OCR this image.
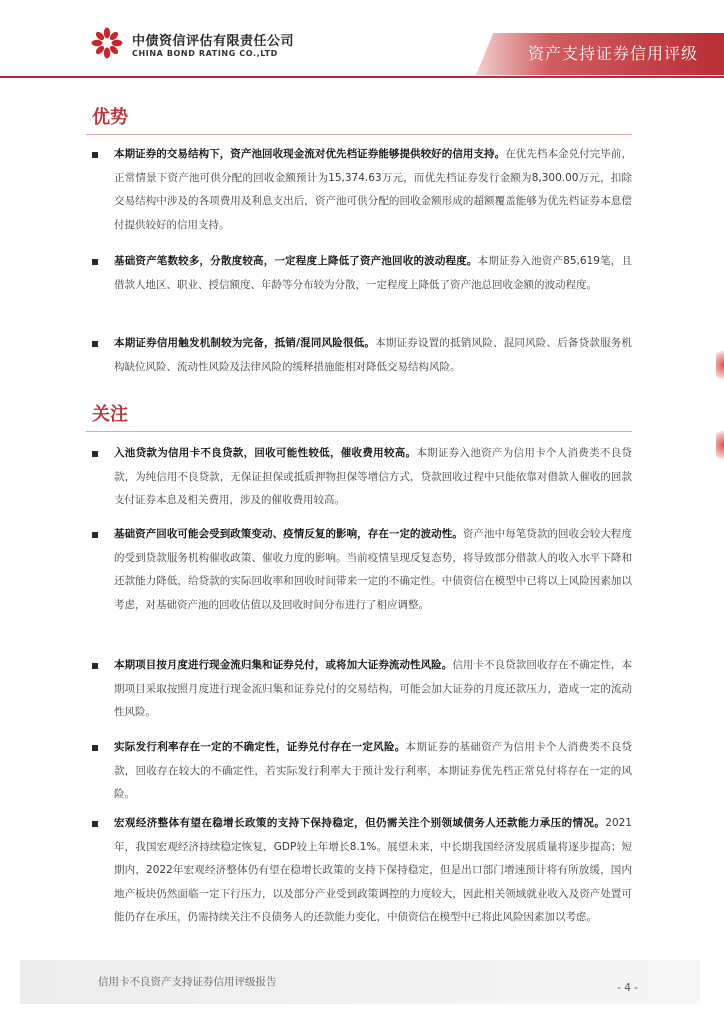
中债资信评估有限责任公司
CHINA BOND RATING CO.,LTD	资产支持证券信用评级
优势
本期证券的交易结构下，资产池回收现金流对优先档证券能够提供较好的信用支持。在优先档本金兑付完毕前，正常情景下资产池可供分配的回收金额预计为15,374.63万元，而优先档证券发行金额为8,300.00万元，扣除交易结构中涉及的各项费用及利息支出后，资产池可供分配的回收金额形成的超额覆盖能够为优先档证券本息偿付提供较好的信用支持。
基础资产笔数较多，分散度较高，一定程度上降低了资产池回收的波动程度。本期证券入池资产85,619笔，且借款人地区、职业、授信额度、年龄等分布较为分散，一定程度上降低了资产池总回收金额的波动程度。
本期证券信用触发机制较为完备，抵销/混同风险很低。本期证券设置的抵销风险、混同风险、后备贷款服务机构缺位风险、流动性风险及法律风险的缓释措施能相对降低交易结构风险。
关注
入池贷款为信用卡不良贷款，回收可能性较低，催收费用较高。本期证券入池资产为信用卡个人消费类不良贷款，为纯信用不良贷款，无保证担保或抵质押物担保等增信方式，贷款回收过程中只能依靠对借款人催收的回款支付证券本息及相关费用，涉及的催收费用较高。
基础资产回收可能会受到政策变动、疫情反复的影响，存在一定的波动性。资产池中每笔贷款的回收会较大程度的受到贷款服务机构催收政策、催收力度的影响。当前疫情呈现反复态势，将导致部分借款人的收入水平下降和还款能力降低，给贷款的实际回收率和回收时间带来一定的不确定性。中债资信在模型中已将以上风险因素加以考虑，对基础资产池的回收估值以及回收时间分布进行了相应调整。
本期项目按月度进行现金流归集和证券兑付，或将加大证券流动性风险。信用卡不良贷款回收存在不确定性，本期项目采取按照月度进行现金流归集和证券兑付的交易结构，可能会加大证券的月度还款压力，造成一定的流动性风险。
实际发行利率存在一定的不确定性，证券兑付存在一定风险。本期证券的基础资产为信用卡个人消费类不良贷款，回收存在较大的不确定性，若实际发行利率大于预计发行利率，本期证券优先档正常兑付将存在一定的风险。
宏观经济整体有望在稳增长政策的支持下保持稳定，但仍需关注个别领域债务人还款能力承压的情况。2021年，我国宏观经济持续稳定恢复，GDP较上年增长8.1%。展望未来，中长期我国经济发展质量将逐步提高；短期内，2022年宏观经济整体仍有望在稳增长政策的支持下保持稳定，但是出口部门增速预计将有所放缓，国内地产板块仍然面临一定下行压力，以及部分产业受到政策调控的力度较大，因此相关领域就业收入及资产处置可能仍存在承压，仍需持续关注不良债务人的还款能力变化，中债资信在模型中已将此风险因素加以考虑。
信用卡不良资产支持证券信用评级报告	- 4 -
